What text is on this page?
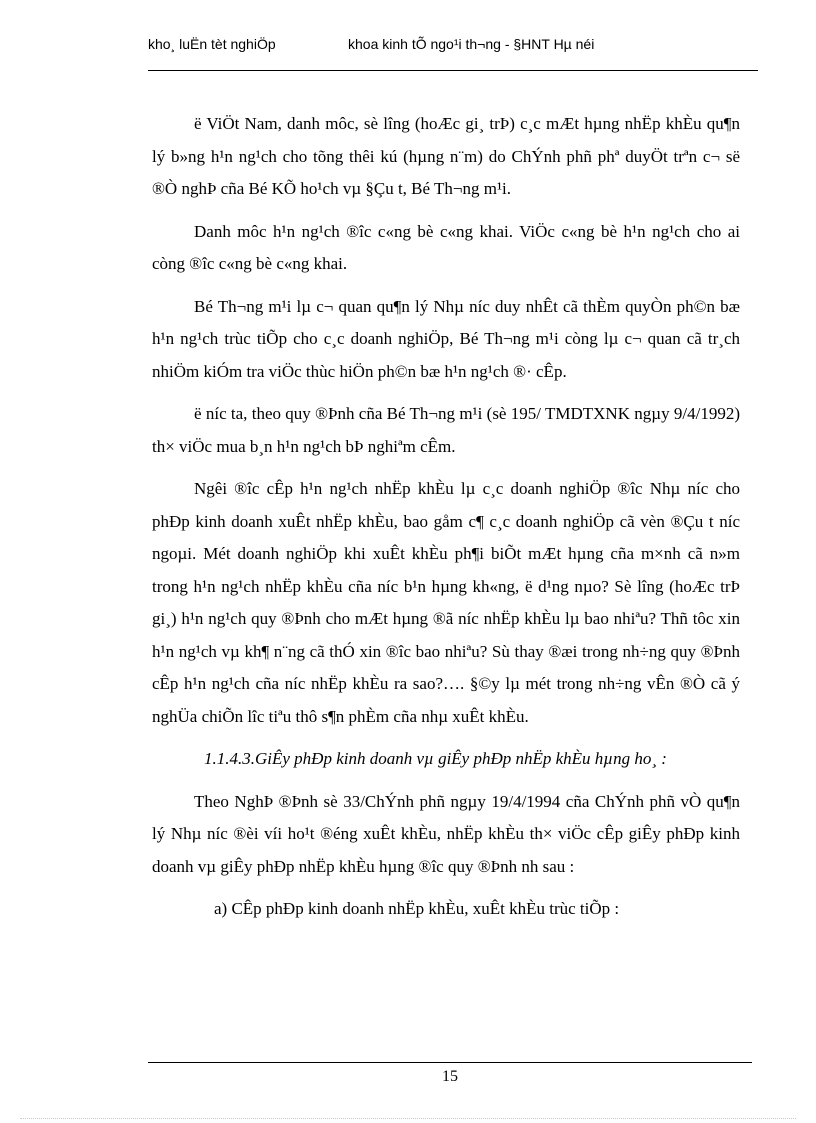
kho¸ luËn tèt nghiÖp	khoa kinh tÕ ngo¹i th¬ng - §HNT Hµ néi

ë ViÖt Nam, danh môc, sè lîng (hoÆc gi¸ trÞ) c¸c mÆt hµng nhËp khÈu qu¶n lý b»ng h¹n ng¹ch cho tõng thêi kú (hµng n¨m) do ChÝnh phñ phª duyÖt trªn c¬ së ®Ò nghÞ cña Bé KÕ ho¹ch vµ §Çu t, Bé Th¬ng m¹i.

Danh môc h¹n ng¹ch ®îc c«ng bè c«ng khai. ViÖc c«ng bè h¹n ng¹ch cho ai còng ®îc c«ng bè c«ng khai.

Bé Th¬ng m¹i lµ c¬ quan qu¶n lý Nhµ níc duy nhÊt cã thÈm quyÒn ph©n bæ h¹n ng¹ch trùc tiÕp cho c¸c doanh nghiÖp, Bé Th¬ng m¹i còng lµ c¬ quan cã tr¸ch nhiÖm kiÓm tra viÖc thùc hiÖn ph©n bæ h¹n ng¹ch ®· cÊp.

ë níc ta, theo quy ®Þnh cña Bé Th¬ng m¹i (sè 195/ TMDTXNK ngµy 9/4/1992) th× viÖc mua b¸n h¹n ng¹ch bÞ nghiªm cÊm.

Ngêi ®îc cÊp h¹n ng¹ch nhËp khÈu lµ c¸c doanh nghiÖp ®îc Nhµ níc cho phÐp kinh doanh xuÊt nhËp khÈu, bao gåm c¶ c¸c doanh nghiÖp cã vèn ®Çu t níc ngoµi. Mét doanh nghiÖp khi xuÊt khÈu ph¶i biÕt mÆt hµng cña m×nh cã n»m trong h¹n ng¹ch nhËp khÈu cña níc b¹n hµng kh«ng, ë d¹ng nµo? Sè lîng (hoÆc trÞ gi¸) h¹n ng¹ch quy ®Þnh cho mÆt hµng ®ã níc nhËp khÈu lµ bao nhiªu? Thñ tôc xin h¹n ng¹ch vµ kh¶ n¨ng cã thÓ xin ®îc bao nhiªu? Sù thay ®æi trong nh÷ng quy ®Þnh cÊp h¹n ng¹ch cña níc nhËp khÈu ra sao?…. §©y lµ mét trong nh÷ng vÊn ®Ò cã ý nghÜa chiÕn lîc tiªu thô s¶n phÈm cña nhµ xuÊt khÈu.

1.1.4.3.GiÊy phÐp kinh doanh vµ giÊy phÐp nhËp khÈu hµng ho¸ :

Theo NghÞ ®Þnh sè 33/ChÝnh phñ ngµy 19/4/1994 cña ChÝnh phñ vÒ qu¶n lý Nhµ níc ®èi víi ho¹t ®éng xuÊt khÈu, nhËp khÈu th× viÖc cÊp giÊy phÐp kinh doanh vµ giÊy phÐp nhËp khÈu hµng ®îc quy ®Þnh nh sau :

a) CÊp phÐp kinh doanh nhËp khÈu, xuÊt khÈu trùc tiÕp :

15
